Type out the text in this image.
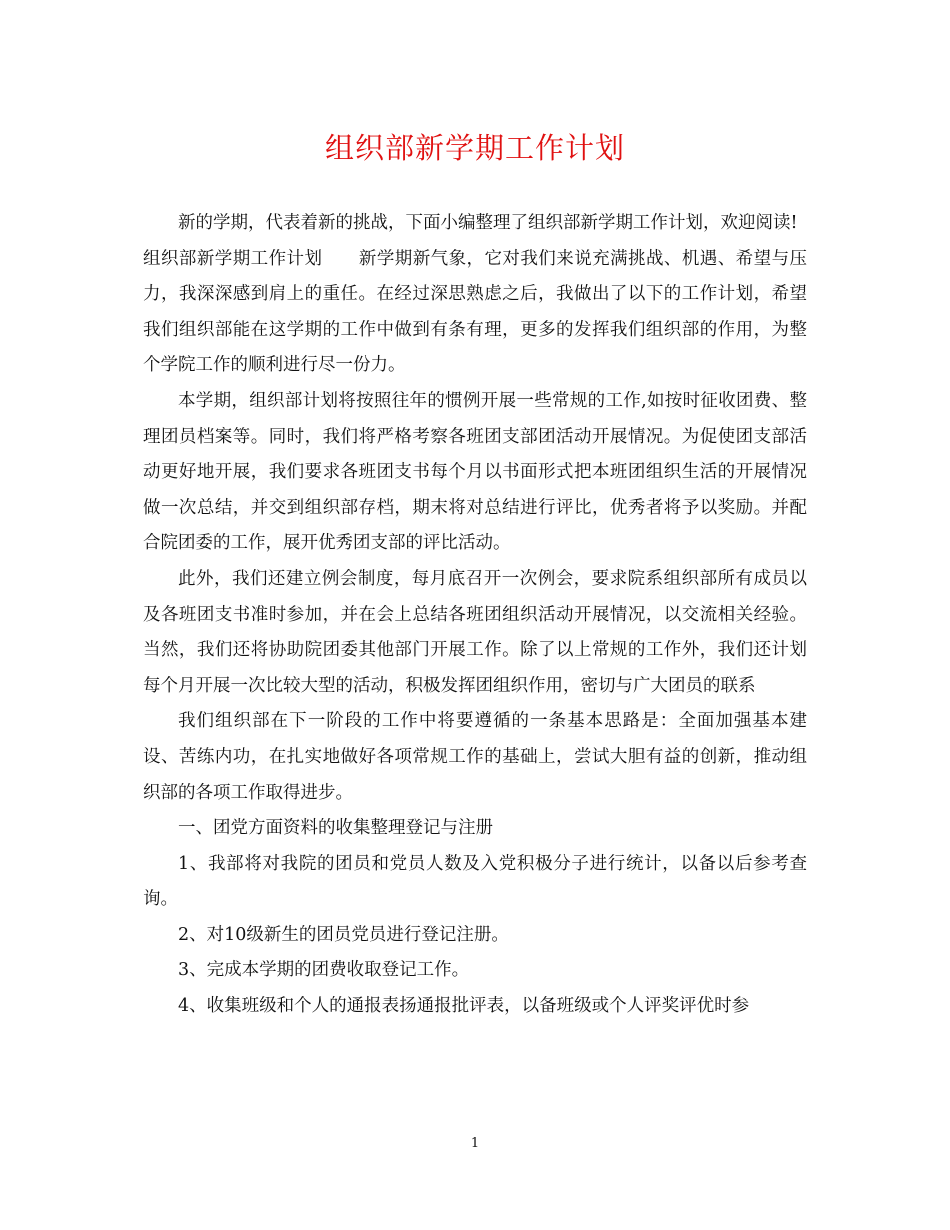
组织部新学期工作计划

新的学期，代表着新的挑战，下面小编整理了组织部新学期工作计划，欢迎阅读!

组织部新学期工作计划 新学期新气象，它对我们来说充满挑战、机遇、希望与压力，我深深感到肩上的重任。在经过深思熟虑之后，我做出了以下的工作计划，希望我们组织部能在这学期的工作中做到有条有理，更多的发挥我们组织部的作用，为整个学院工作的顺利进行尽一份力。

本学期，组织部计划将按照往年的惯例开展一些常规的工作,如按时征收团费、整理团员档案等。同时，我们将严格考察各班团支部团活动开展情况。为促使团支部活动更好地开展，我们要求各班团支书每个月以书面形式把本班团组织生活的开展情况做一次总结，并交到组织部存档，期末将对总结进行评比，优秀者将予以奖励。并配合院团委的工作，展开优秀团支部的评比活动。

此外，我们还建立例会制度，每月底召开一次例会，要求院系组织部所有成员以及各班团支书准时参加，并在会上总结各班团组织活动开展情况，以交流相关经验。当然，我们还将协助院团委其他部门开展工作。除了以上常规的工作外，我们还计划每个月开展一次比较大型的活动，积极发挥团组织作用，密切与广大团员的联系

我们组织部在下一阶段的工作中将要遵循的一条基本思路是：全面加强基本建设、苦练内功，在扎实地做好各项常规工作的基础上，尝试大胆有益的创新，推动组织部的各项工作取得进步。

一、团党方面资料的收集整理登记与注册

1、我部将对我院的团员和党员人数及入党积极分子进行统计，以备以后参考查询。

2、对10级新生的团员党员进行登记注册。

3、完成本学期的团费收取登记工作。

4、收集班级和个人的通报表扬通报批评表，以备班级或个人评奖评优时参

1
